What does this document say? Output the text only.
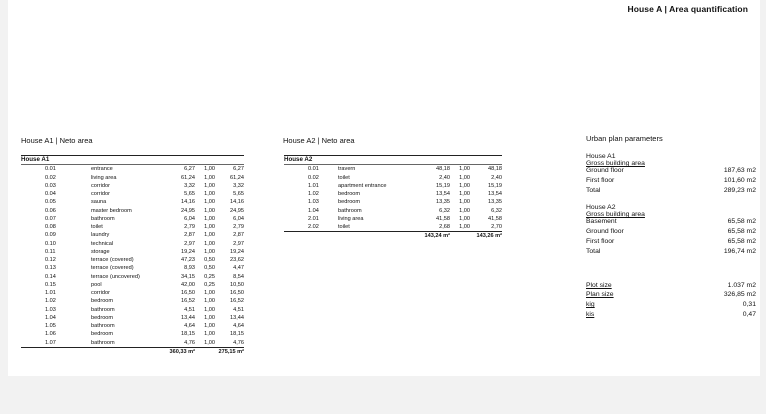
House A | Area quantification
House A1 | Neto area
House A1					
	0.01	entrance	6,27	1,00	6,27
	0.02	living area	61,24	1,00	61,24
	0.03	corridor	3,32	1,00	3,32
	0.04	corridor	5,65	1,00	5,65
	0.05	sauna	14,16	1,00	14,16
	0.06	master bedroom	24,95	1,00	24,95
	0.07	bathroom	6,04	1,00	6,04
	0.08	toilet	2,79	1,00	2,79
	0.09	laundry	2,87	1,00	2,87
	0.10	technical	2,97	1,00	2,97
	0.11	storage	19,24	1,00	19,24
	0.12	terrace (covered)	47,23	0,50	23,62
	0.13	terrace (covered)	8,93	0,50	4,47
	0.14	terrace (uncovered)	34,15	0,25	8,54
	0.15	pool	42,00	0,25	10,50
	1.01	corridor	16,50	1,00	16,50
	1.02	bedroom	16,52	1,00	16,52
	1.03	bathroom	4,51	1,00	4,51
	1.04	bedroom	13,44	1,00	13,44
	1.05	bathroom	4,64	1,00	4,64
	1.06	bedroom	18,15	1,00	18,15
	1.07	bathroom	4,76	1,00	4,76
360,33 m²					275,15 m²
House A2 | Neto area
House A2					
	0.01	travern	48,18	1,00	48,18
	0.02	toilet	2,40	1,00	2,40
	1.01	apartment entrance	15,19	1,00	15,19
	1.02	bedroom	13,54	1,00	13,54
	1.03	bedroom	13,35	1,00	13,35
	1.04	bathroom	6,32	1,00	6,32
	2.01	living area	41,58	1,00	41,58
	2.02	toilet	2,68	1,00	2,70
143,24 m²					143,26 m²
Urban plan parameters
House A1
Gross building area
Ground floor	187,63 m2
First floor	101,60 m2
Total	289,23 m2
House A2
Gross building area
Basement	65,58 m2
Ground floor	65,58 m2
First floor	65,58 m2
Total	196,74 m2
Plot size	1.037 m2
Plan size	326,85 m2
kig	0,31
kis	0,47
